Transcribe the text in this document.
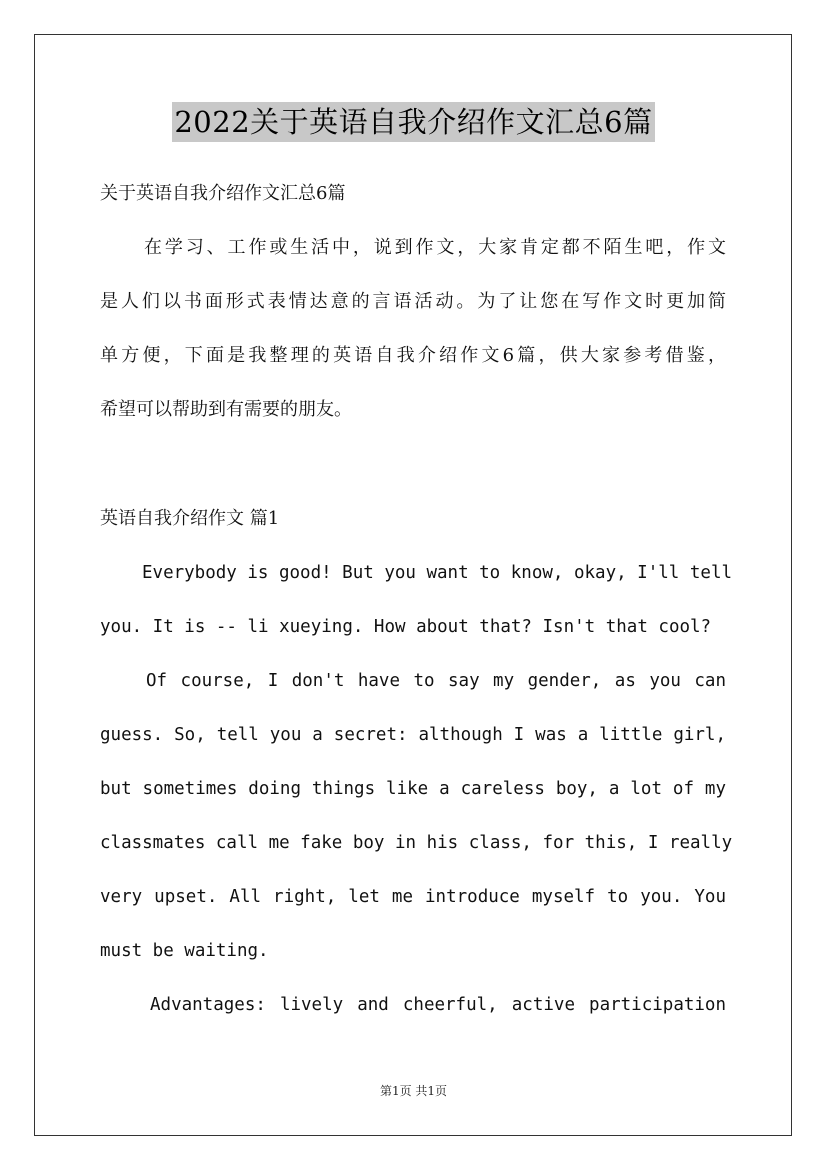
2022关于英语自我介绍作文汇总6篇
关于英语自我介绍作文汇总6篇
在学习、工作或生活中，说到作文，大家肯定都不陌生吧，作文
是人们以书面形式表情达意的言语活动。为了让您在写作文时更加简
单方便，下面是我整理的英语自我介绍作文6篇，供大家参考借鉴，
希望可以帮助到有需要的朋友。
英语自我介绍作文 篇1
Everybody is good! But you want to know, okay, I'll tell
you. It is -- li xueying. How about that? Isn't that cool?
Of course, I don't have to say my gender, as you can
guess. So, tell you a secret: although I was a little girl,
but sometimes doing things like a careless boy, a lot of my
classmates call me fake boy in his class, for this, I really
very upset. All right, let me introduce myself to you. You
must be waiting.
Advantages: lively and cheerful, active participation
第1页 共1页
